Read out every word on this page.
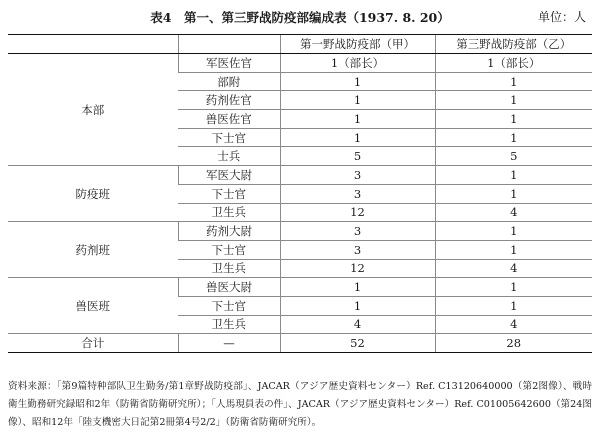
表4　第一、第三野战防疫部编成表（1937. 8. 20）	单位：人
		第一野战防疫部（甲）	第三野战防疫部（乙）
本部	军医佐官	1（部长）	1（部长）
	部附	1	1
	药剂佐官	1	1
	兽医佐官	1	1
	下士官	1	1
	士兵	5	5
防疫班	军医大尉	3	1
	下士官	3	1
	卫生兵	12	4
药剂班	药剂大尉	3	1
	下士官	3	1
	卫生兵	12	4
兽医班	兽医大尉	1	1
	下士官	1	1
	卫生兵	4	4
合计	—	52	28
资料来源：「第9篇特种部队卫生勤务/第1章野战防疫部」、JACAR（アジア歴史資料センター）Ref. C13120640000（第2图像）、戦時衛生勤務研究録昭和2年（防衛省防衛研究所）；「人馬現員表の件」、JACAR（アジア歴史資料センター）Ref. C01005642600（第24图像）、昭和12年「陸支機密大日記第2冊第4号2/2」（防衛省防衛研究所）。
